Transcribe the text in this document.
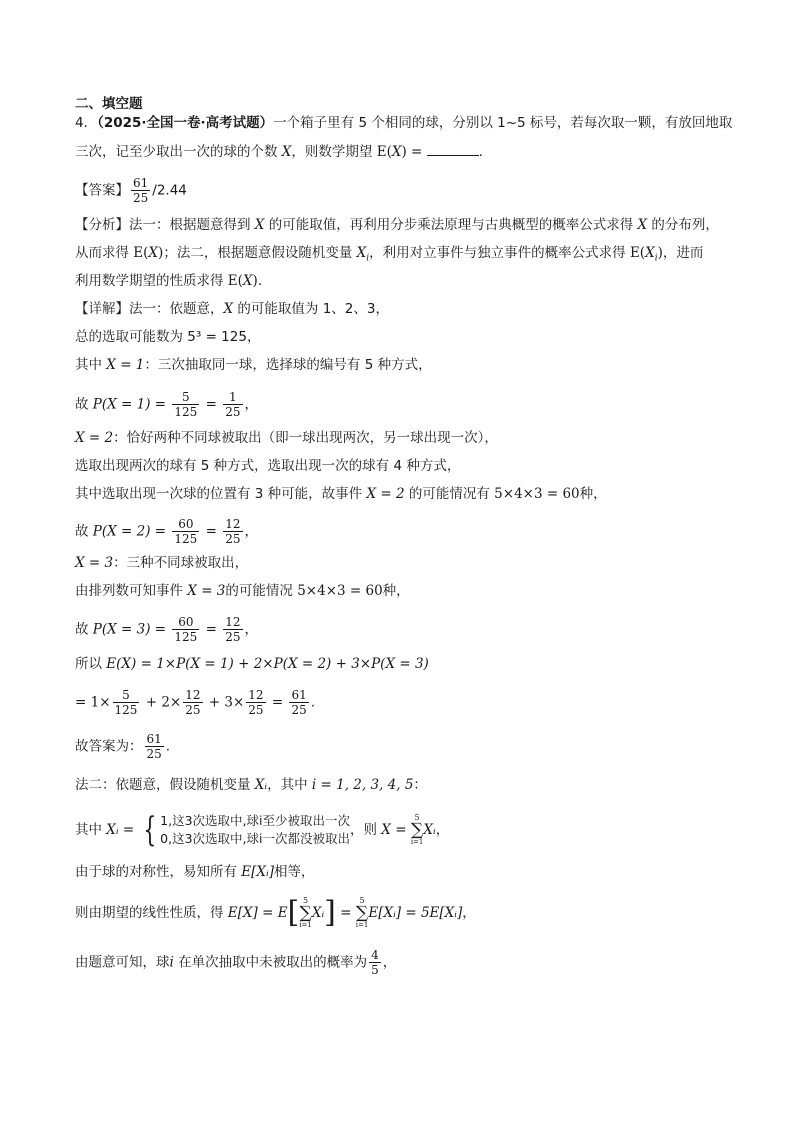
二、填空题
4．（2025·全国一卷·高考试题）一个箱子里有 5 个相同的球，分别以 1~5 标号，若每次取一颗，有放回地取
三次，记至少取出一次的球的个数 X，则数学期望 E(X) =	.
【答案】 $\frac{61}{25} /2.44$
【分析】法一：根据题意得到 X 的可能取值，再利用分步乘法原理与古典概型的概率公式求得 X 的分布列，
从而求得 E(X)；法二，根据题意假设随机变量 $X_i$，利用对立事件与独立事件的概率公式求得 $E(X_i)$，进而
利用数学期望的性质求得 E(X).
【详解】法一：依题意，X 的可能取值为 1、2、3，
总的选取可能数为 5³ = 125，
其中 X = 1：三次抽取同一球，选择球的编号有 5 种方式，
故 $P(X = 1) = \frac{5}{125} = \frac{1}{25}$ ，
X = 2：恰好两种不同球被取出（即一球出现两次，另一球出现一次），
选取出现两次的球有 5 种方式，选取出现一次的球有 4 种方式，
其中选取出现一次球的位置有 3 种可能，故事件 X = 2 的可能情况有 5×4×3 = 60种，
故 $P(X = 2) = \frac{60}{125} = \frac{12}{25}$ ，
X = 3：三种不同球被取出，
由排列数可知事件 X = 3的可能情况 5×4×3 = 60种，
故 $P(X = 3) = \frac{60}{125} = \frac{12}{25}$ ，
所以 E(X) = 1×P(X = 1) + 2×P(X = 2) + 3×P(X = 3)
= $1\times \frac{5}{125} + 2\times \frac{12}{25} + 3\times \frac{12}{25} = \frac{61}{25}$ .
故答案为： $\frac{61}{25}$ .
法二：依题意，假设随机变量 Xᵢ，其中 i = 1, 2, 3, 4, 5：
其中 Xᵢ = { 1,这3次选取中,球i至少被取出一次
0,这3次选取中,球i一次都没被取出
，则 X =
5
∑
i=1
Xᵢ，
由于球的对称性，易知所有 E[Xᵢ]相等，
则由期望的线性性质，得 E[X] = E[ 5
∑
i=1
Xᵢ] =
5
∑
i=1
E[Xᵢ] = 5E[Xᵢ]，
由题意可知，球i 在单次抽取中未被取出的概率为 $\frac{4}{5}$ ，
